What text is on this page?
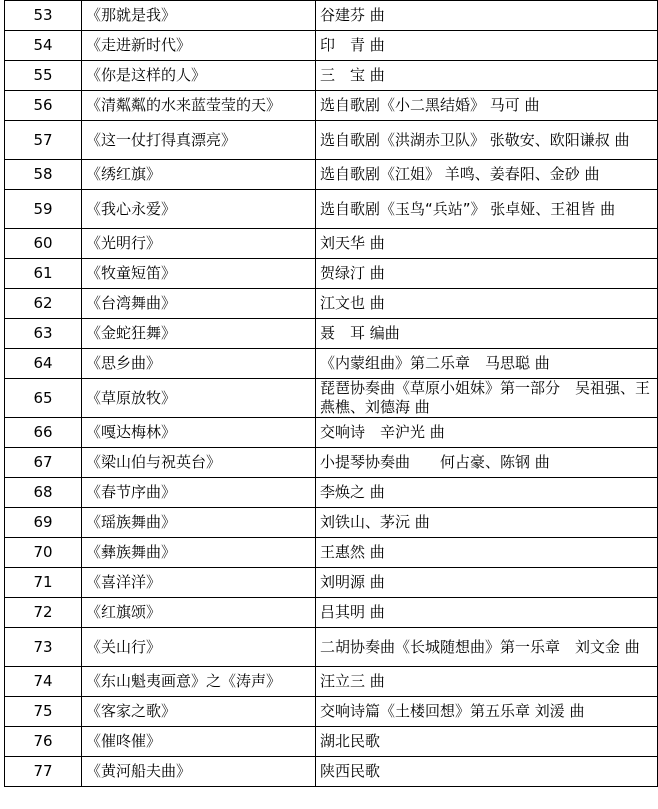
53	《那就是我》	谷建芬 曲
54	《走进新时代》	印　青 曲
55	《你是这样的人》	三　宝 曲
56	《清粼粼的水来蓝莹莹的天》	选自歌剧《小二黑结婚》 马可 曲
57	《这一仗打得真漂亮》	选自歌剧《洪湖赤卫队》 张敬安、欧阳谦叔 曲
58	《绣红旗》	选自歌剧《江姐》 羊鸣、姜春阳、金砂 曲
59	《我心永爱》	选自歌剧《玉鸟“兵站”》 张卓娅、王祖皆 曲
60	《光明行》	刘天华 曲
61	《牧童短笛》	贺绿汀 曲
62	《台湾舞曲》	江文也 曲
63	《金蛇狂舞》	聂　耳 编曲
64	《思乡曲》	《内蒙组曲》第二乐章　马思聪 曲
65	《草原放牧》	琵琶协奏曲《草原小姐妹》第一部分　吴祖强、王燕樵、刘德海 曲
66	《嘎达梅林》	交响诗　辛沪光 曲
67	《梁山伯与祝英台》	小提琴协奏曲　　何占豪、陈钢 曲
68	《春节序曲》	李焕之 曲
69	《瑶族舞曲》	刘铁山、茅沅 曲
70	《彝族舞曲》	王惠然 曲
71	《喜洋洋》	刘明源 曲
72	《红旗颂》	吕其明 曲
73	《关山行》	二胡协奏曲《长城随想曲》第一乐章　刘文金 曲
74	《东山魁夷画意》之《涛声》	汪立三 曲
75	《客家之歌》	交响诗篇《土楼回想》第五乐章 刘湲 曲
76	《催咚催》	湖北民歌
77	《黄河船夫曲》	陕西民歌
